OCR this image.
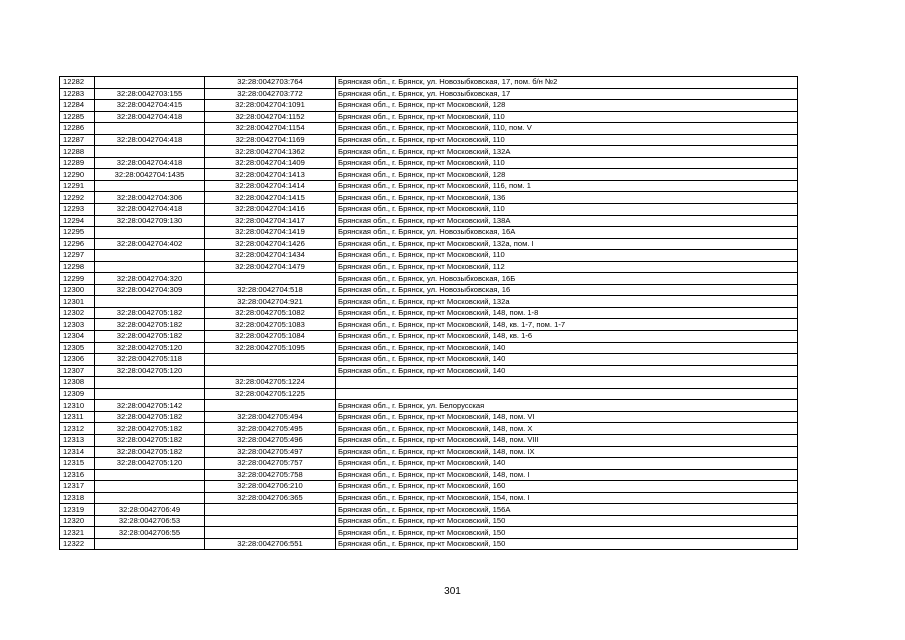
12282		32:28:0042703:764	Брянская обл., г. Брянск, ул. Новозыбковская, 17, пом. б/н №2
12283	32:28:0042703:155	32:28:0042703:772	Брянская обл., г. Брянск, ул. Новозыбковская, 17
12284	32:28:0042704:415	32:28:0042704:1091	Брянская обл., г. Брянск, пр-кт Московский, 128
12285	32:28:0042704:418	32:28:0042704:1152	Брянская обл., г. Брянск, пр-кт Московский, 110
12286		32:28:0042704:1154	Брянская обл., г. Брянск, пр-кт Московский, 110, пом. V
12287	32:28:0042704:418	32:28:0042704:1169	Брянская обл., г. Брянск, пр-кт Московский, 110
12288		32:28:0042704:1362	Брянская обл., г. Брянск, пр-кт Московский, 132А
12289	32:28:0042704:418	32:28:0042704:1409	Брянская обл., г. Брянск, пр-кт Московский, 110
12290	32:28:0042704:1435	32:28:0042704:1413	Брянская обл., г. Брянск, пр-кт Московский, 128
12291		32:28:0042704:1414	Брянская обл., г. Брянск, пр-кт Московский, 116, пом. 1
12292	32:28:0042704:306	32:28:0042704:1415	Брянская обл., г. Брянск, пр-кт Московский, 136
12293	32:28:0042704:418	32:28:0042704:1416	Брянская обл., г. Брянск, пр-кт Московский, 110
12294	32:28:0042709:130	32:28:0042704:1417	Брянская обл., г. Брянск, пр-кт Московский, 138А
12295		32:28:0042704:1419	Брянская обл., г. Брянск, ул. Новозыбковская, 16А
12296	32:28:0042704:402	32:28:0042704:1426	Брянская обл., г. Брянск, пр-кт Московский, 132а, пом. I
12297		32:28:0042704:1434	Брянская обл., г. Брянск, пр-кт Московский, 110
12298		32:28:0042704:1479	Брянская обл., г. Брянск, пр-кт Московский, 112
12299	32:28:0042704:320		Брянская обл., г. Брянск, ул. Новозыбковская, 16Б
12300	32:28:0042704:309	32:28:0042704:518	Брянская обл., г. Брянск, ул. Новозыбковская, 16
12301		32:28:0042704:921	Брянская обл., г. Брянск, пр-кт Московский, 132а
12302	32:28:0042705:182	32:28:0042705:1082	Брянская обл., г. Брянск, пр-кт Московский, 148, пом. 1-8
12303	32:28:0042705:182	32:28:0042705:1083	Брянская обл., г. Брянск, пр-кт Московский, 148, кв. 1-7, пом. 1-7
12304	32:28:0042705:182	32:28:0042705:1084	Брянская обл., г. Брянск, пр-кт Московский, 148, кв. 1-6
12305	32:28:0042705:120	32:28:0042705:1095	Брянская обл., г. Брянск, пр-кт Московский, 140
12306	32:28:0042705:118		Брянская обл., г. Брянск, пр-кт Московский, 140
12307	32:28:0042705:120		Брянская обл., г. Брянск, пр-кт Московский, 140
12308		32:28:0042705:1224	
12309		32:28:0042705:1225	
12310	32:28:0042705:142		Брянская обл., г. Брянск, ул. Белорусская
12311	32:28:0042705:182	32:28:0042705:494	Брянская обл., г. Брянск, пр-кт Московский, 148, пом. VI
12312	32:28:0042705:182	32:28:0042705:495	Брянская обл., г. Брянск, пр-кт Московский, 148, пом. X
12313	32:28:0042705:182	32:28:0042705:496	Брянская обл., г. Брянск, пр-кт Московский, 148, пом. VIII
12314	32:28:0042705:182	32:28:0042705:497	Брянская обл., г. Брянск, пр-кт Московский, 148, пом. IX
12315	32:28:0042705:120	32:28:0042705:757	Брянская обл., г. Брянск, пр-кт Московский, 140
12316		32:28:0042705:758	Брянская обл., г. Брянск, пр-кт Московский, 148, пом. I
12317		32:28:0042706:210	Брянская обл., г. Брянск, пр-кт Московский, 160
12318		32:28:0042706:365	Брянская обл., г. Брянск, пр-кт Московский, 154, пом. I
12319	32:28:0042706:49		Брянская обл., г. Брянск, пр-кт Московский, 156А
12320	32:28:0042706:53		Брянская обл., г. Брянск, пр-кт Московский, 150
12321	32:28:0042706:55		Брянская обл., г. Брянск, пр-кт Московский, 150
12322		32:28:0042706:551	Брянская обл., г. Брянск, пр-кт Московский, 150
301
